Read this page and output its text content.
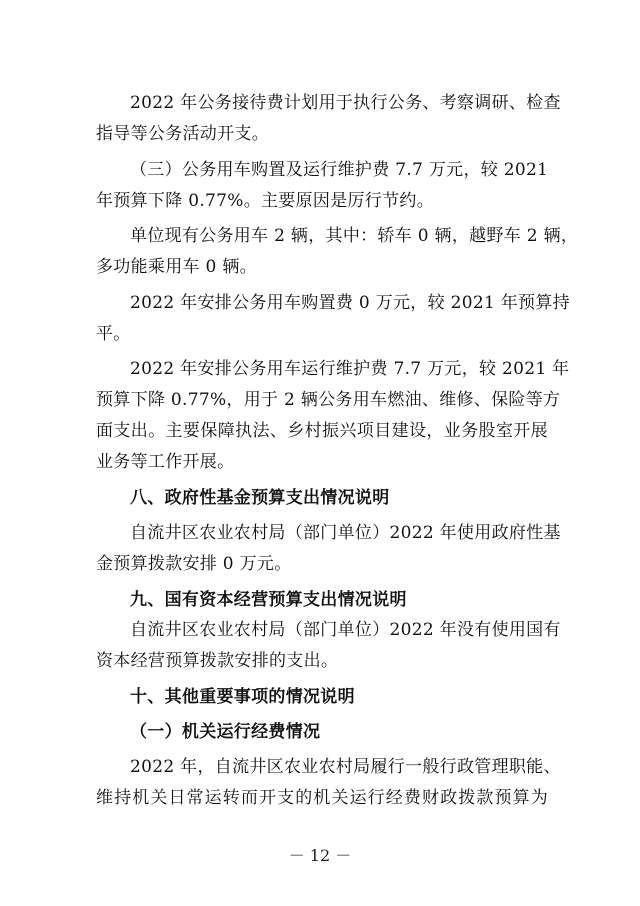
2022 年公务接待费计划用于执行公务、考察调研、检查
指导等公务活动开支。
（三）公务用车购置及运行维护费 7.7 万元，较 2021
年预算下降 0.77%。主要原因是厉行节约。
单位现有公务用车 2 辆，其中：轿车 0 辆，越野车 2 辆，
多功能乘用车 0 辆。
2022 年安排公务用车购置费 0 万元，较 2021 年预算持
平。
2022 年安排公务用车运行维护费 7.7 万元，较 2021 年
预算下降 0.77%，用于 2 辆公务用车燃油、维修、保险等方
面支出。主要保障执法、乡村振兴项目建设，业务股室开展
业务等工作开展。
八、政府性基金预算支出情况说明
自流井区农业农村局（部门单位）2022 年使用政府性基
金预算拨款安排 0 万元。
九、国有资本经营预算支出情况说明
自流井区农业农村局（部门单位）2022 年没有使用国有
资本经营预算拨款安排的支出。
十、其他重要事项的情况说明
（一）机关运行经费情况
2022 年，自流井区农业农村局履行一般行政管理职能、
维持机关日常运转而开支的机关运行经费财政拨款预算为
－ 12 －
